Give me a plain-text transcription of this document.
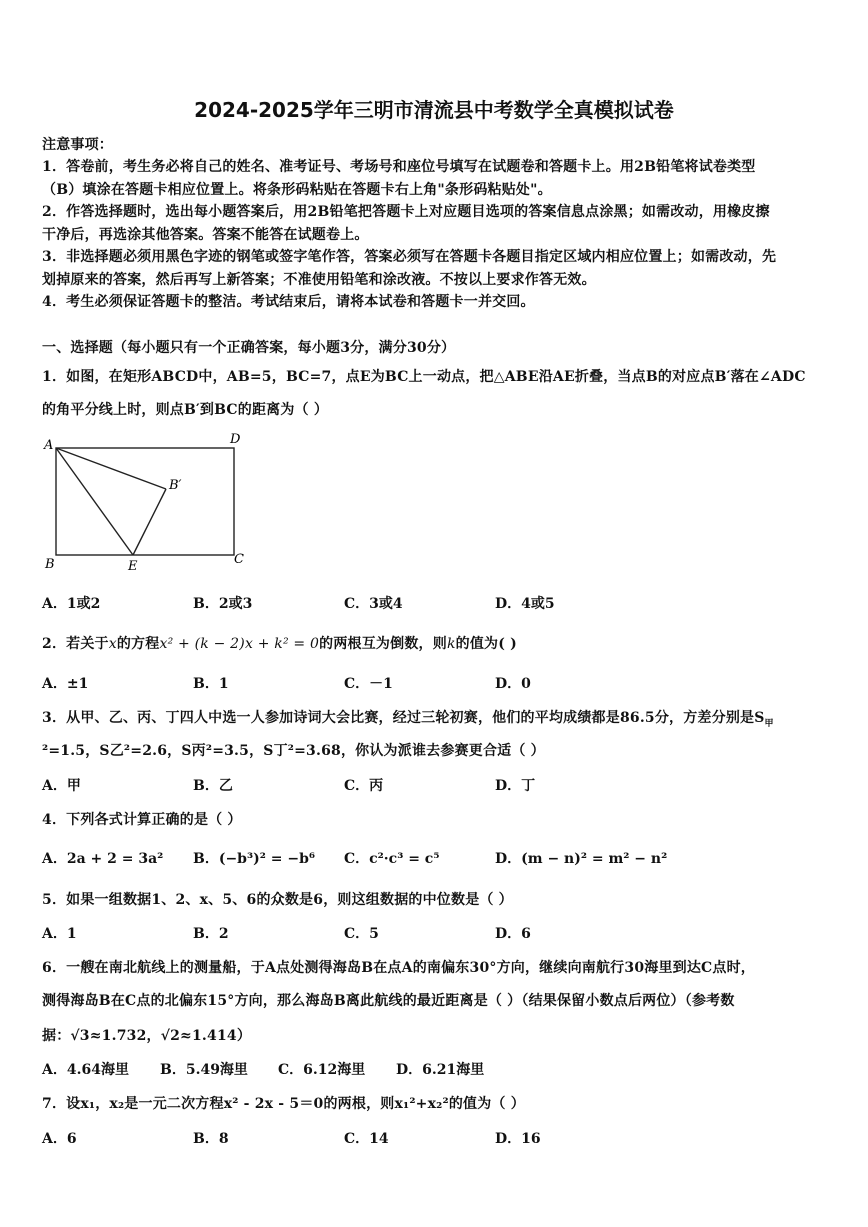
2024-2025学年三明市清流县中考数学全真模拟试卷
注意事项：
1．答卷前，考生务必将自己的姓名、准考证号、考场号和座位号填写在试题卷和答题卡上。用2B铅笔将试卷类型
（B）填涂在答题卡相应位置上。将条形码粘贴在答题卡右上角"条形码粘贴处"。
2．作答选择题时，选出每小题答案后，用2B铅笔把答题卡上对应题目选项的答案信息点涂黑；如需改动，用橡皮擦
干净后，再选涂其他答案。答案不能答在试题卷上。
3．非选择题必须用黑色字迹的钢笔或签字笔作答，答案必须写在答题卡各题目指定区域内相应位置上；如需改动，先
划掉原来的答案，然后再写上新答案；不准使用铅笔和涂改液。不按以上要求作答无效。
4．考生必须保证答题卡的整洁。考试结束后，请将本试卷和答题卡一并交回。
一、选择题（每小题只有一个正确答案，每小题3分，满分30分）
1．如图，在矩形ABCD中，AB=5，BC=7，点E为BC上一动点，把△ABE沿AE折叠，当点B的对应点B′落在∠ADC
的角平分线上时，则点B′到BC的距离为（ ）
A	D
B	C
E
B′
A．1或2	B．2或3	C．3或4	D．4或5
2．若关于x的方程x² + (k − 2)x + k² = 0的两根互为倒数，则k的值为( )
A．±1	B．1	C．－1	D．0
3．从甲、乙、丙、丁四人中选一人参加诗词大会比赛，经过三轮初赛，他们的平均成绩都是86.5分，方差分别是$S_甲$
²=1.5，S乙²=2.6，S丙²=3.5，S丁²=3.68，你认为派谁去参赛更合适（ ）
A．甲	B．乙	C．丙	D．丁
4．下列各式计算正确的是（ ）
A．2a + 2 = 3a² B．(−b³)² = −b⁶ C．c²·c³ = c⁵	D．(m − n)² = m² − n²
5．如果一组数据1、2、x、5、6的众数是6，则这组数据的中位数是（ ）
A．1	B．2	C．5	D．6
6．一艘在南北航线上的测量船，于A点处测得海岛B在点A的南偏东30°方向，继续向南航行30海里到达C点时，
测得海岛B在C点的北偏东15°方向，那么海岛B离此航线的最近距离是（ ）（结果保留小数点后两位）（参考数
据：√3≈1.732，√2≈1.414）
A．4.64海里 B．5.49海里 C．6.12海里 D．6.21海里
7．设x₁，x₂是一元二次方程x² - 2x - 5＝0的两根，则x₁²+x₂²的值为（ ）
A．6	B．8	C．14	D．16
